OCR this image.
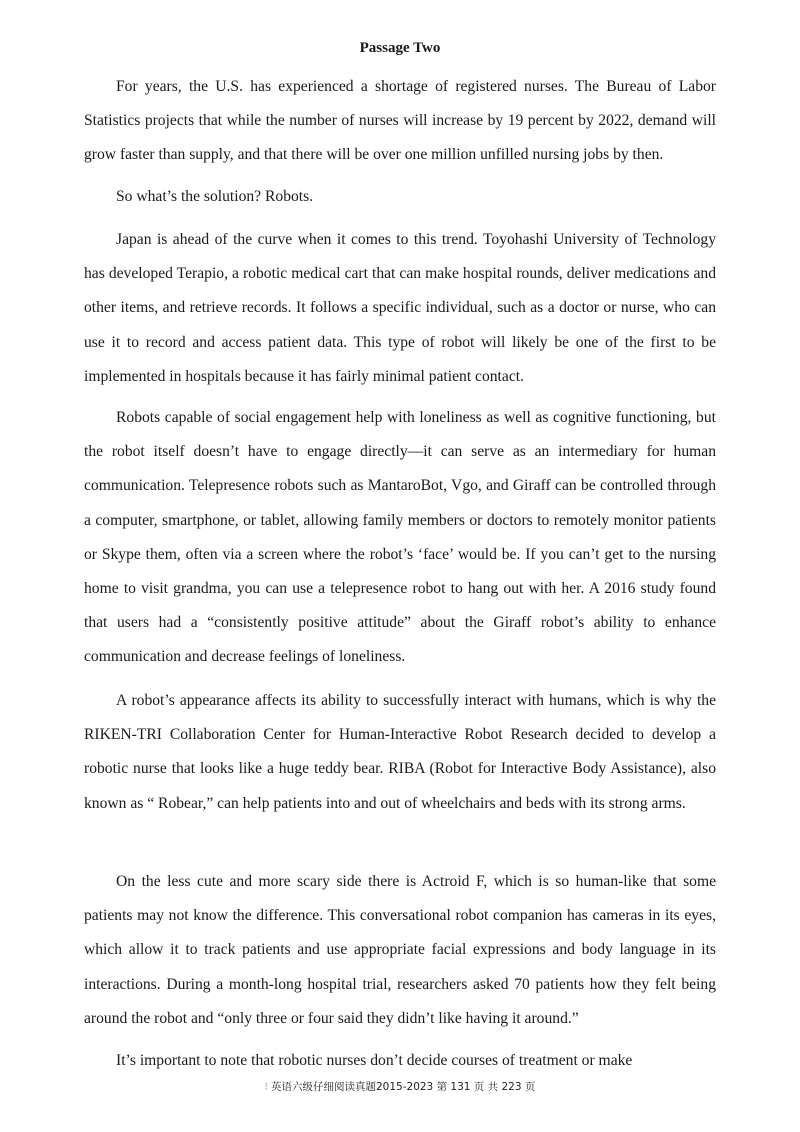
Passage Two

For years, the U.S. has experienced a shortage of registered nurses. The Bureau of Labor Statistics projects that while the number of nurses will increase by 19 percent by 2022, demand will grow faster than supply, and that there will be over one million unfilled nursing jobs by then.

So what’s the solution? Robots.

Japan is ahead of the curve when it comes to this trend. Toyohashi University of Technology has developed Terapio, a robotic medical cart that can make hospital rounds, deliver medications and other items, and retrieve records. It follows a specific individual, such as a doctor or nurse, who can use it to record and access patient data. This type of robot will likely be one of the first to be implemented in hospitals because it has fairly minimal patient contact.

Robots capable of social engagement help with loneliness as well as cognitive functioning, but the robot itself doesn’t have to engage directly—it can serve as an intermediary for human communication. Telepresence robots such as MantaroBot, Vgo, and Giraff can be controlled through a computer, smartphone, or tablet, allowing family members or doctors to remotely monitor patients or Skype them, often via a screen where the robot’s ‘face’ would be. If you can’t get to the nursing home to visit grandma, you can use a telepresence robot to hang out with her. A 2016 study found that users had a “consistently positive attitude” about the Giraff robot’s ability to enhance communication and decrease feelings of loneliness.

A robot’s appearance affects its ability to successfully interact with humans, which is why the RIKEN-TRI Collaboration Center for Human-Interactive Robot Research decided to develop a robotic nurse that looks like a huge teddy bear. RIBA (Robot for Interactive Body Assistance), also known as “ Robear,” can help patients into and out of wheelchairs and beds with its strong arms.

On the less cute and more scary side there is Actroid F, which is so human-like that some patients may not know the difference. This conversational robot companion has cameras in its eyes, which allow it to track patients and use appropriate facial expressions and body language in its interactions. During a month-long hospital trial, researchers asked 70 patients how they felt being around the robot and “only three or four said they didn’t like having it around.”

It’s important to note that robotic nurses don’t decide courses of treatment or make

⁝ 英语六级仔细阅读真题2015-2023 第 131 页 共 223 页
